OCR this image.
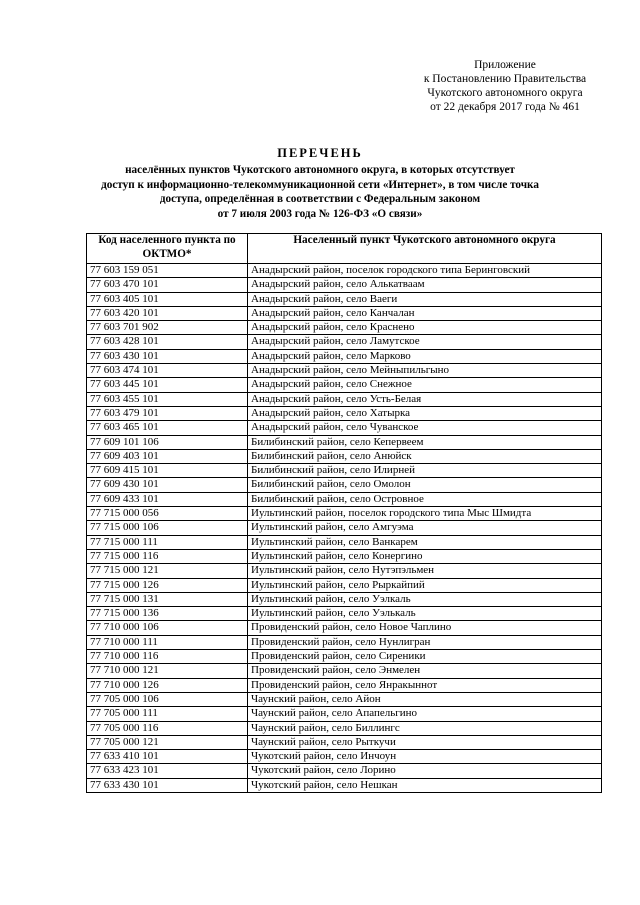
Приложение
к Постановлению Правительства
Чукотского автономного округа
от 22 декабря 2017 года № 461
ПЕРЕЧЕНЬ
населённых пунктов Чукотского автономного округа, в которых отсутствует
доступ к информационно-телекоммуникационной сети «Интернет», в том числе точка
доступа, определённая в соответствии с Федеральным законом
от 7 июля 2003 года № 126-ФЗ «О связи»
Код населенного пункта по ОКТМО*	Населенный пункт Чукотского автономного округа
77 603 159 051	Анадырский район, поселок городского типа Беринговский
77 603 470 101	Анадырский район, село Алькатваам
77 603 405 101	Анадырский район, село Ваеги
77 603 420 101	Анадырский район, село Канчалан
77 603 701 902	Анадырский район, село Краснено
77 603 428 101	Анадырский район, село Ламутское
77 603 430 101	Анадырский район, село Марково
77 603 474 101	Анадырский район, село Мейныпильгыно
77 603 445 101	Анадырский район, село Снежное
77 603 455 101	Анадырский район, село Усть-Белая
77 603 479 101	Анадырский район, село Хатырка
77 603 465 101	Анадырский район, село Чуванское
77 609 101 106	Билибинский район, село Кепервеем
77 609 403 101	Билибинский район, село Анюйск
77 609 415 101	Билибинский район, село Илирней
77 609 430 101	Билибинский район, село Омолон
77 609 433 101	Билибинский район, село Островное
77 715 000 056	Иультинский район, поселок городского типа Мыс Шмидта
77 715 000 106	Иультинский район, село Амгуэма
77 715 000 111	Иультинский район, село Ванкарем
77 715 000 116	Иультинский район, село Конергино
77 715 000 121	Иультинский район, село Нутэпэльмен
77 715 000 126	Иультинский район, село Рыркайпий
77 715 000 131	Иультинский район, село Уэлкаль
77 715 000 136	Иультинский район, село Уэлькаль
77 710 000 106	Провиденский район, село Новое Чаплино
77 710 000 111	Провиденский район, село Нунлигран
77 710 000 116	Провиденский район, село Сиреники
77 710 000 121	Провиденский район, село Энмелен
77 710 000 126	Провиденский район, село Янракыннот
77 705 000 106	Чаунский район, село Айон
77 705 000 111	Чаунский район, село Апапельгино
77 705 000 116	Чаунский район, село Биллингс
77 705 000 121	Чаунский район, село Рыткучи
77 633 410 101	Чукотский район, село Инчоун
77 633 423 101	Чукотский район, село Лорино
77 633 430 101	Чукотский район, село Нешкан
